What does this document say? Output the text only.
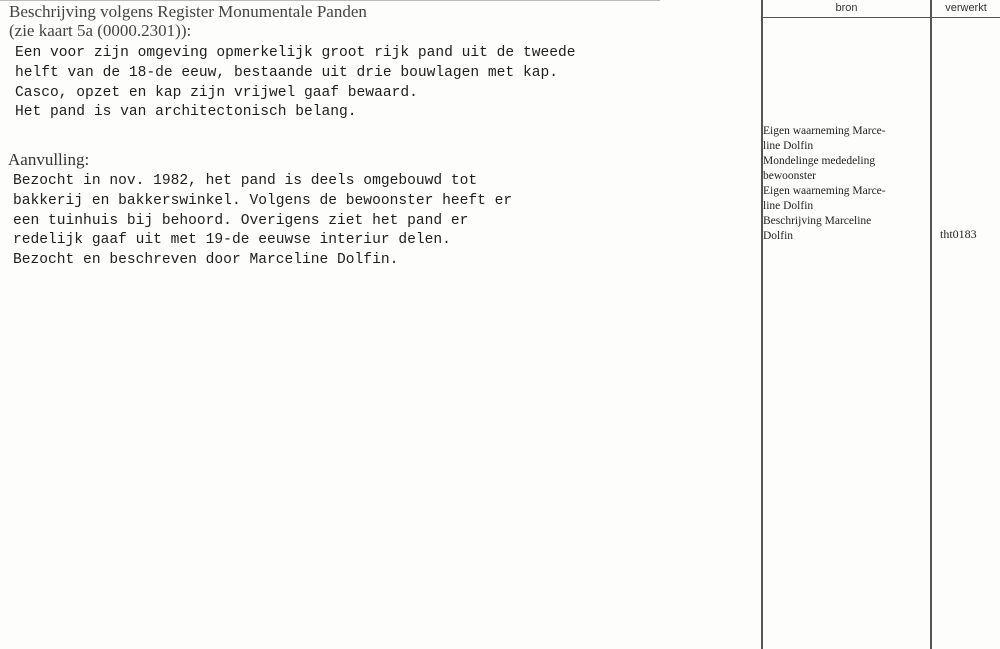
bron	verwerkt
Beschrijving volgens Register Monumentale Panden
(zie kaart 5a (0000.2301)):
Een voor zijn omgeving opmerkelijk groot rijk pand uit de tweede
helft van de 18-de eeuw, bestaande uit drie bouwlagen met kap.
Casco, opzet en kap zijn vrijwel gaaf bewaard.
Het pand is van architectonisch belang.
Aanvulling:
Bezocht in nov. 1982, het pand is deels omgebouwd tot
bakkerij en bakkerswinkel. Volgens de bewoonster heeft er
een tuinhuis bij behoord. Overigens ziet het pand er
redelijk gaaf uit met 19-de eeuwse interiur delen.
Bezocht en beschreven door Marceline Dolfin.
Eigen waarneming Marce-
line Dolfin
Mondelinge mededeling
bewoonster
Eigen waarneming Marce-
line Dolfin
Beschrijving Marceline
Dolfin	tht0183
